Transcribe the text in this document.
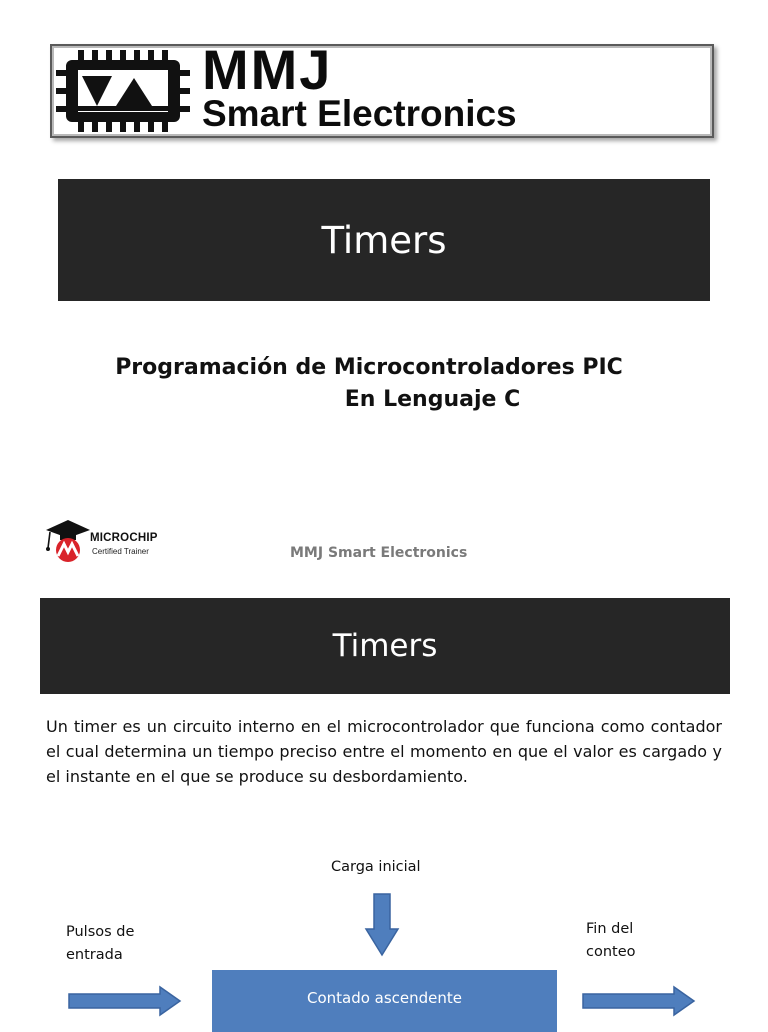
MMJ
Smart Electronics
Timers
Programación de Microcontroladores PIC
En Lenguaje C
MICROCHIP
Certified Trainer	MMJ Smart Electronics
Timers

Un timer es un circuito interno en el microcontrolador que funciona como contador el cual determina un tiempo preciso entre el momento en que el valor es cargado y el instante en el que se produce su desbordamiento.

Carga inicial
Pulsos de
entrada
Contado ascendente
Fin del
conteo
